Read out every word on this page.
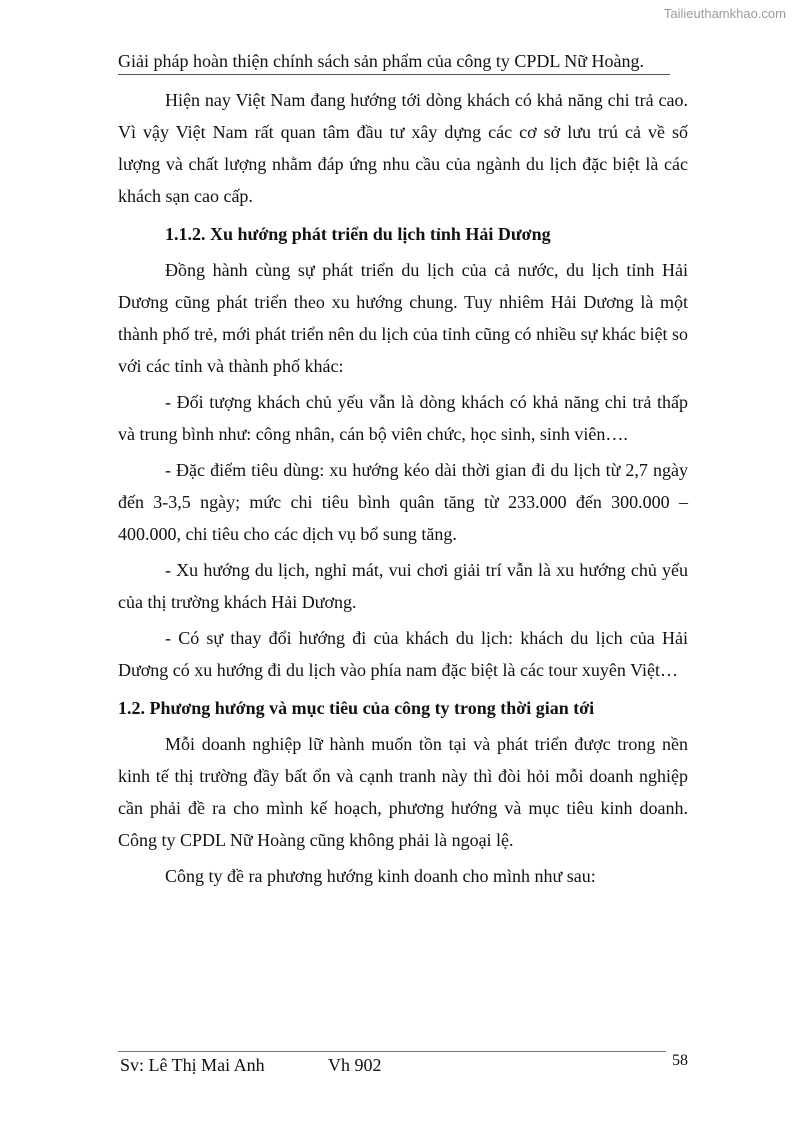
Tailieuthamkhao.com
Giải pháp hoàn thiện chính sách sản phẩm của công ty CPDL Nữ Hoàng.

Hiện nay Việt Nam đang hướng tới dòng khách có khả năng chi trả cao. Vì vậy Việt Nam rất quan tâm đầu tư xây dựng các cơ sở lưu trú cả về số lượng và chất lượng nhằm đáp ứng nhu cầu của ngành du lịch đặc biệt là các khách sạn cao cấp.

1.1.2. Xu hướng phát triển du lịch tỉnh Hải Dương

Đồng hành cùng sự phát triển du lịch của cả nước, du lịch tỉnh Hải Dương cũng phát triển theo xu hướng chung. Tuy nhiêm Hải Dương là một thành phố trẻ, mới phát triển nên du lịch của tỉnh cũng có nhiều sự khác biệt so với các tỉnh và thành phố khác:

- Đối tượng khách chủ yếu vẫn là dòng khách có khả năng chi trả thấp và trung bình như: công nhân, cán bộ viên chức, học sinh, sinh viên….

- Đặc điểm tiêu dùng: xu hướng kéo dài thời gian đi du lịch từ 2,7 ngày đến 3-3,5 ngày; mức chi tiêu bình quân tăng từ 233.000 đến 300.000 – 400.000, chi tiêu cho các dịch vụ bổ sung tăng.

- Xu hướng du lịch, nghỉ mát, vui chơi giải trí vẫn là xu hướng chủ yếu của thị trường khách Hải Dương.

- Có sự thay đổi hướng đi của khách du lịch: khách du lịch của Hải Dương có xu hướng đi du lịch vào phía nam đặc biệt là các tour xuyên Việt…

1.2. Phương hướng và mục tiêu của công ty trong thời gian tới

Mỗi doanh nghiệp lữ hành muốn tồn tại và phát triển được trong nền kinh tế thị trường đầy bất ổn và cạnh tranh này thì đòi hỏi mỗi doanh nghiệp cần phải đề ra cho mình kế hoạch, phương hướng và mục tiêu kinh doanh. Công ty CPDL Nữ Hoàng cũng không phải là ngoại lệ.

Công ty đề ra phương hướng kinh doanh cho mình như sau:

Sv: Lê Thị Mai Anh	Vh 902	58
